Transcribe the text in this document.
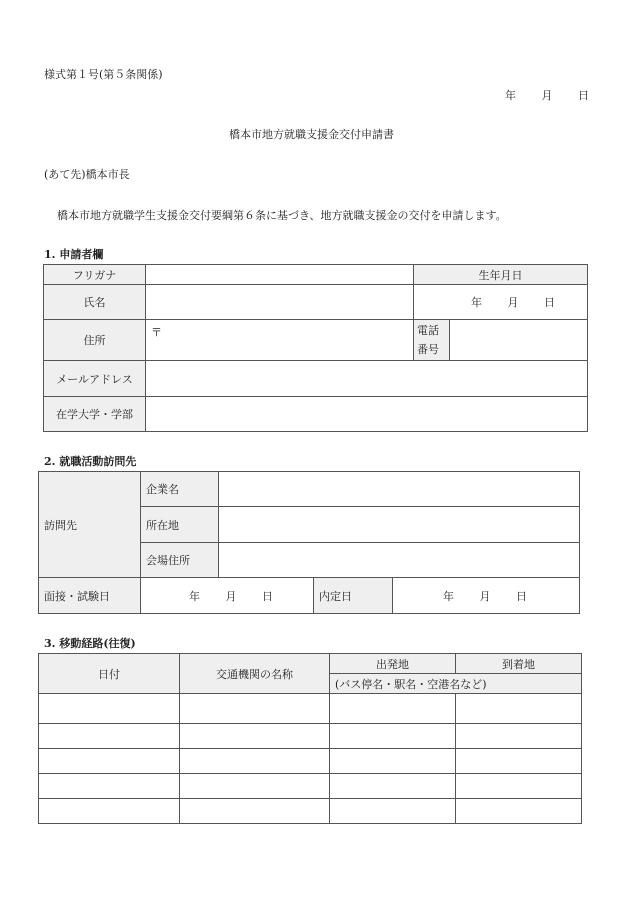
様式第１号(第５条関係)
年 月 日
橋本市地方就職支援金交付申請書
(あて先)橋本市長
橋本市地方就職学生支援金交付要綱第６条に基づき、地方就職支援金の交付を申請します。
1. 申請者欄
フリガナ		生年月日	
氏名		年 月 日	
住所	〒	電話
番号	

メールアドレス			
在学大学・学部			
2. 就職活動訪問先
訪問先	企業名			
	所在地			
	会場住所			
面接・試験日	年 月 日		内定日	年 月 日
3. 移動経路(往復)
日付	交通機関の名称	出発地	到着地
		(バス停名・駅名・空港名など)	
